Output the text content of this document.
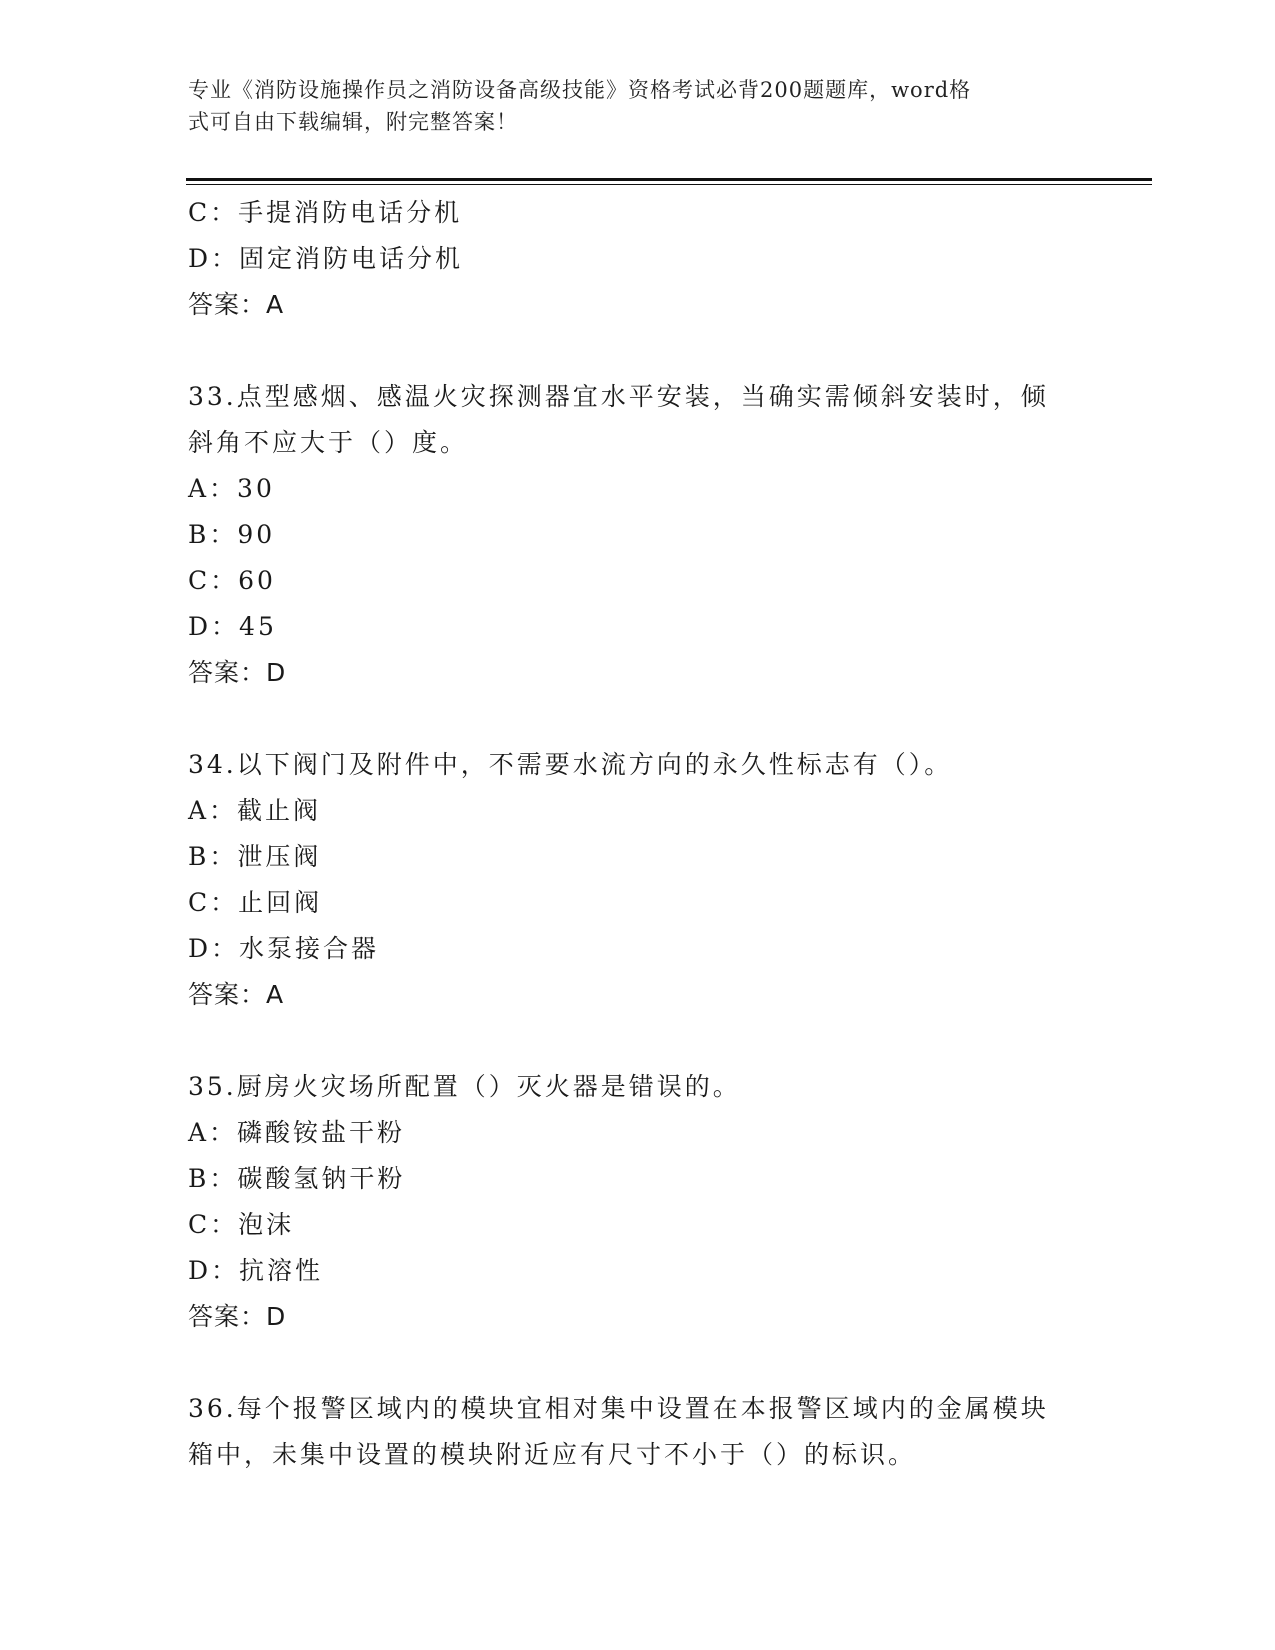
专业《消防设施操作员之消防设备高级技能》资格考试必背200题题库，word格
式可自由下载编辑，附完整答案！
C：手提消防电话分机
D：固定消防电话分机
答案：A
33.点型感烟、感温火灾探测器宜水平安装，当确实需倾斜安装时，倾
斜角不应大于（）度。
A：30
B：90
C：60
D：45
答案：D
34.以下阀门及附件中，不需要水流方向的永久性标志有（）。
A：截止阀
B：泄压阀
C：止回阀
D：水泵接合器
答案：A
35.厨房火灾场所配置（）灭火器是错误的。
A：磷酸铵盐干粉
B：碳酸氢钠干粉
C：泡沫
D：抗溶性
答案：D
36.每个报警区域内的模块宜相对集中设置在本报警区域内的金属模块
箱中，未集中设置的模块附近应有尺寸不小于（）的标识。
